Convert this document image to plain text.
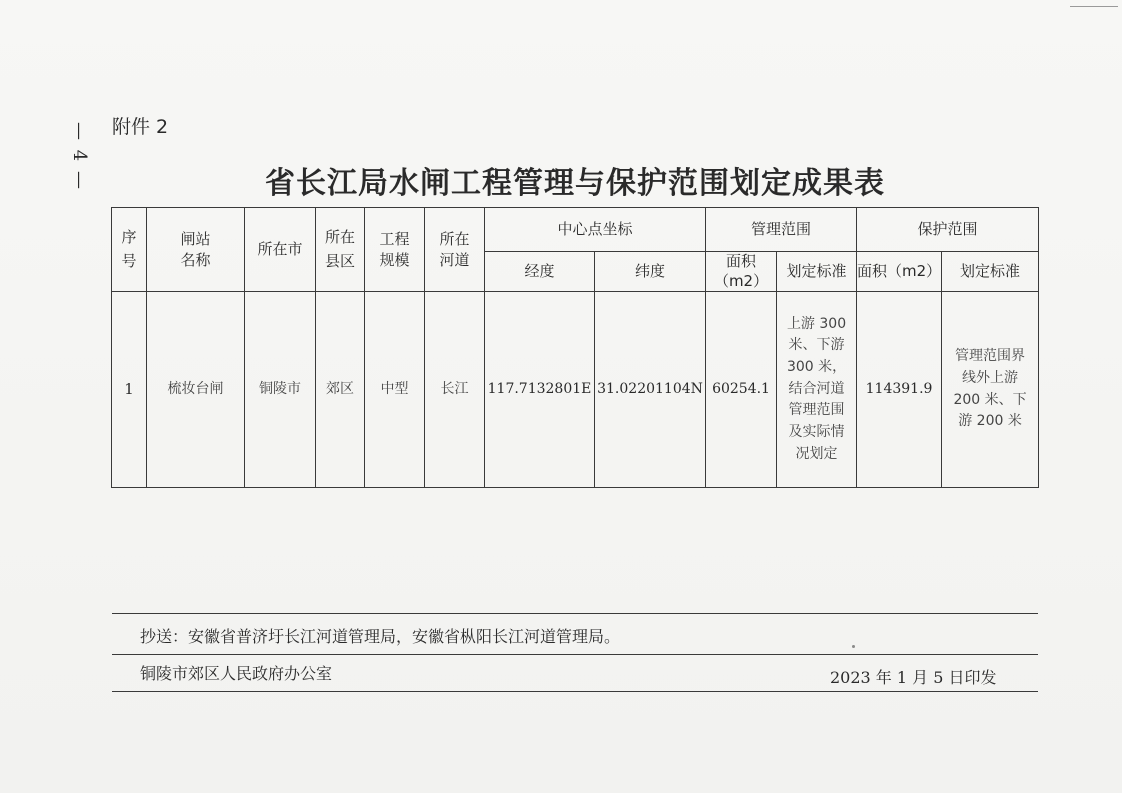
— 4 — 附件 2
省长江局水闸工程管理与保护范围划定成果表
序号	闸站名称	所在市	所在县区	工程规模	所在河道	中心点坐标		管理范围		保护范围	
						经度	纬度	面积（m2）	划定标准	面积（m2）	划定标准
1	梳妆台闸	铜陵市	郊区	中型	长江	117.7132801E	31.02201104N	60254.1	上游 300 米、下游 300 米，结合河道管理范围及实际情况划定	114391.9	管理范围界线外上游 200 米、下游 200 米
抄送：安徽省普济圩长江河道管理局，安徽省枞阳长江河道管理局。
铜陵市郊区人民政府办公室	2023 年 1 月 5 日印发
